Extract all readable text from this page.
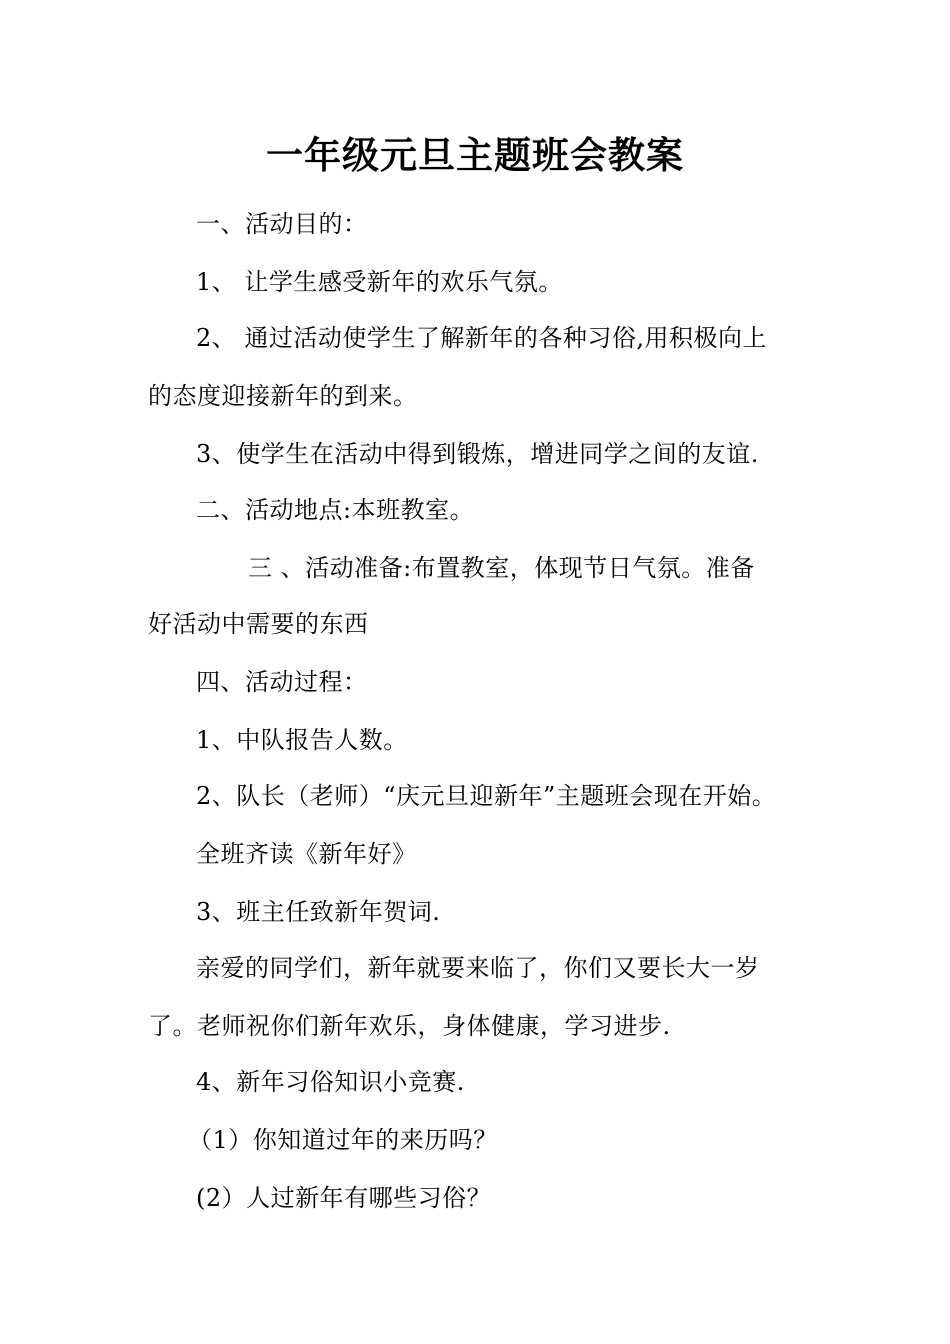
一年级元旦主题班会教案
一、活动目的：
1、 让学生感受新年的欢乐气氛。
2、 通过活动使学生了解新年的各种习俗,用积极向上
的态度迎接新年的到来。
3、使学生在活动中得到锻炼，增进同学之间的友谊.
二、活动地点:本班教室。
三 、活动准备:布置教室，体现节日气氛。准备
好活动中需要的东西
四、活动过程：
1、中队报告人数。
2、队长（老师）“庆元旦迎新年”主题班会现在开始。
全班齐读《新年好》
3、班主任致新年贺词.
亲爱的同学们，新年就要来临了，你们又要长大一岁
了。老师祝你们新年欢乐，身体健康，学习进步.
4、新年习俗知识小竞赛.
（1）你知道过年的来历吗？
(2）人过新年有哪些习俗？
